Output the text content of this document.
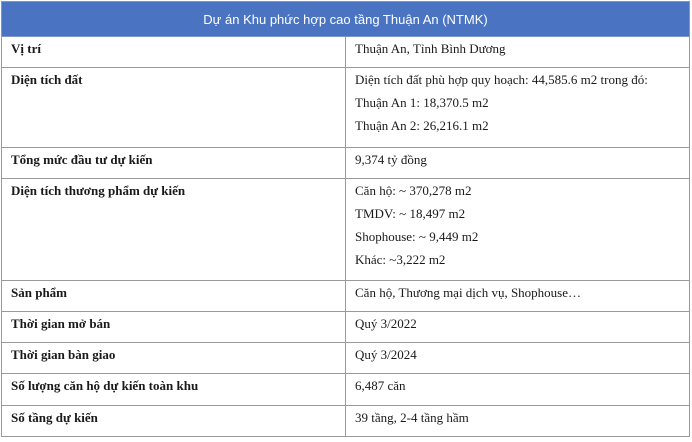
Dự án Khu phức hợp cao tầng Thuận An (NTMK)	
Vị trí	Thuận An, Tỉnh Bình Dương

Diện tích đất	Diện tích đất phù hợp quy hoạch: 44,585.6 m2 trong đó:
Thuận An 1: 18,370.5 m2
Thuận An 2: 26,216.1 m2

Tổng mức đầu tư dự kiến	9,374 tỷ đồng

Diện tích thương phẩm dự kiến	Căn hộ: ~ 370,278 m2
TMDV: ~ 18,497 m2
Shophouse: ~ 9,449 m2
Khác: ~3,222 m2

Sản phẩm	Căn hộ, Thương mại dịch vụ, Shophouse…

Thời gian mở bán	Quý 3/2022

Thời gian bàn giao	Quý 3/2024

Số lượng căn hộ dự kiến toàn khu	6,487 căn

Số tầng dự kiến	39 tầng, 2-4 tầng hầm
